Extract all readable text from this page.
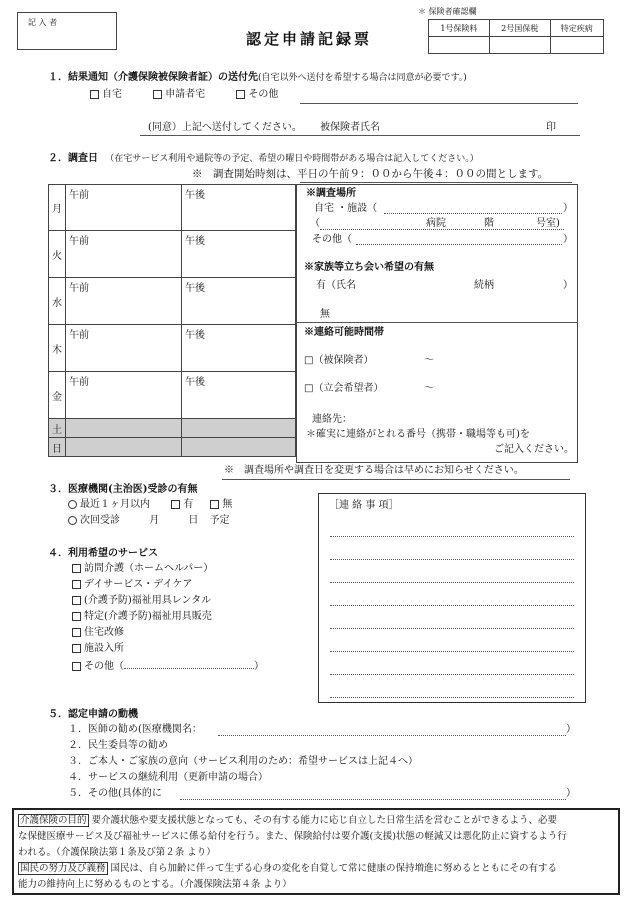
記 入 者
認定申請記録票
＊ 保険者確認欄
1号保険料	2号国保税	特定疾病

１．結果通知（介護保険被保険者証）の送付先(自宅以外へ送付を希望する場合は同意が必要です。)
自宅	申請者宅	その他
(同意）上記へ送付してください。 被保険者氏名	印
２．調査日 （在宅サービス利用や通院等の予定、希望の曜日や時間帯がある場合は記入してください。）
※　調査開始時刻は、平日の午前９：００から午後４：００の間とします。
月	午前	午後
火	午前	午後
水	午前	午後
木	午前	午後
金	午前	午後
土		
日		
※調査場所
自宅 ・施設（	）
（	病院	階	号室)
その他（	）
※家族等立ち会い希望の有無
有（氏名	続柄	）
無
※連絡可能時間帯
□（被保険者）	～
□（立会希望者）	～
連絡先：
＊確実に連絡がとれる番号（携帯・職場等も可)を
ご記入ください。
※　調査場所や調査日を変更する場合は早めにお知らせください。
３．医療機関(主治医)受診の有無
最近１ヶ月以内	有	無
次回受診	月	日 予定
［連 絡 事 項］
４．利用希望のサービス
訪問介護（ホームヘルパー）
デイサービス・デイケア
(介護予防)福祉用具レンタル
特定(介護予防)福祉用具販売
住宅改修
施設入所
その他（	）
５．認定申請の動機
１．医師の勧め(医療機関名：	）
２．民生委員等の勧め
３．ご本人・ご家族の意向（サービス利用のため：希望サービスは上記４へ）
４．サービスの継続利用（更新申請の場合）
５．その他(具体的に	）
介護保険の目的 要介護状態や要支援状態となっても、その有する能力に応じ自立した日常生活を営むことができるよう、必要
な保健医療サービス及び福祉サービスに係る給付を行う。また、保険給付は要介護(支援)状態の軽減又は悪化防止に資するよう行
われる。（介護保険法第１条及び第２条 より）
国民の努力及び義務 国民は、自ら加齢に伴って生ずる心身の変化を自覚して常に健康の保持増進に努めるとともにその有する
能力の維持向上に努めるものとする。（介護保険法第４条 より）
